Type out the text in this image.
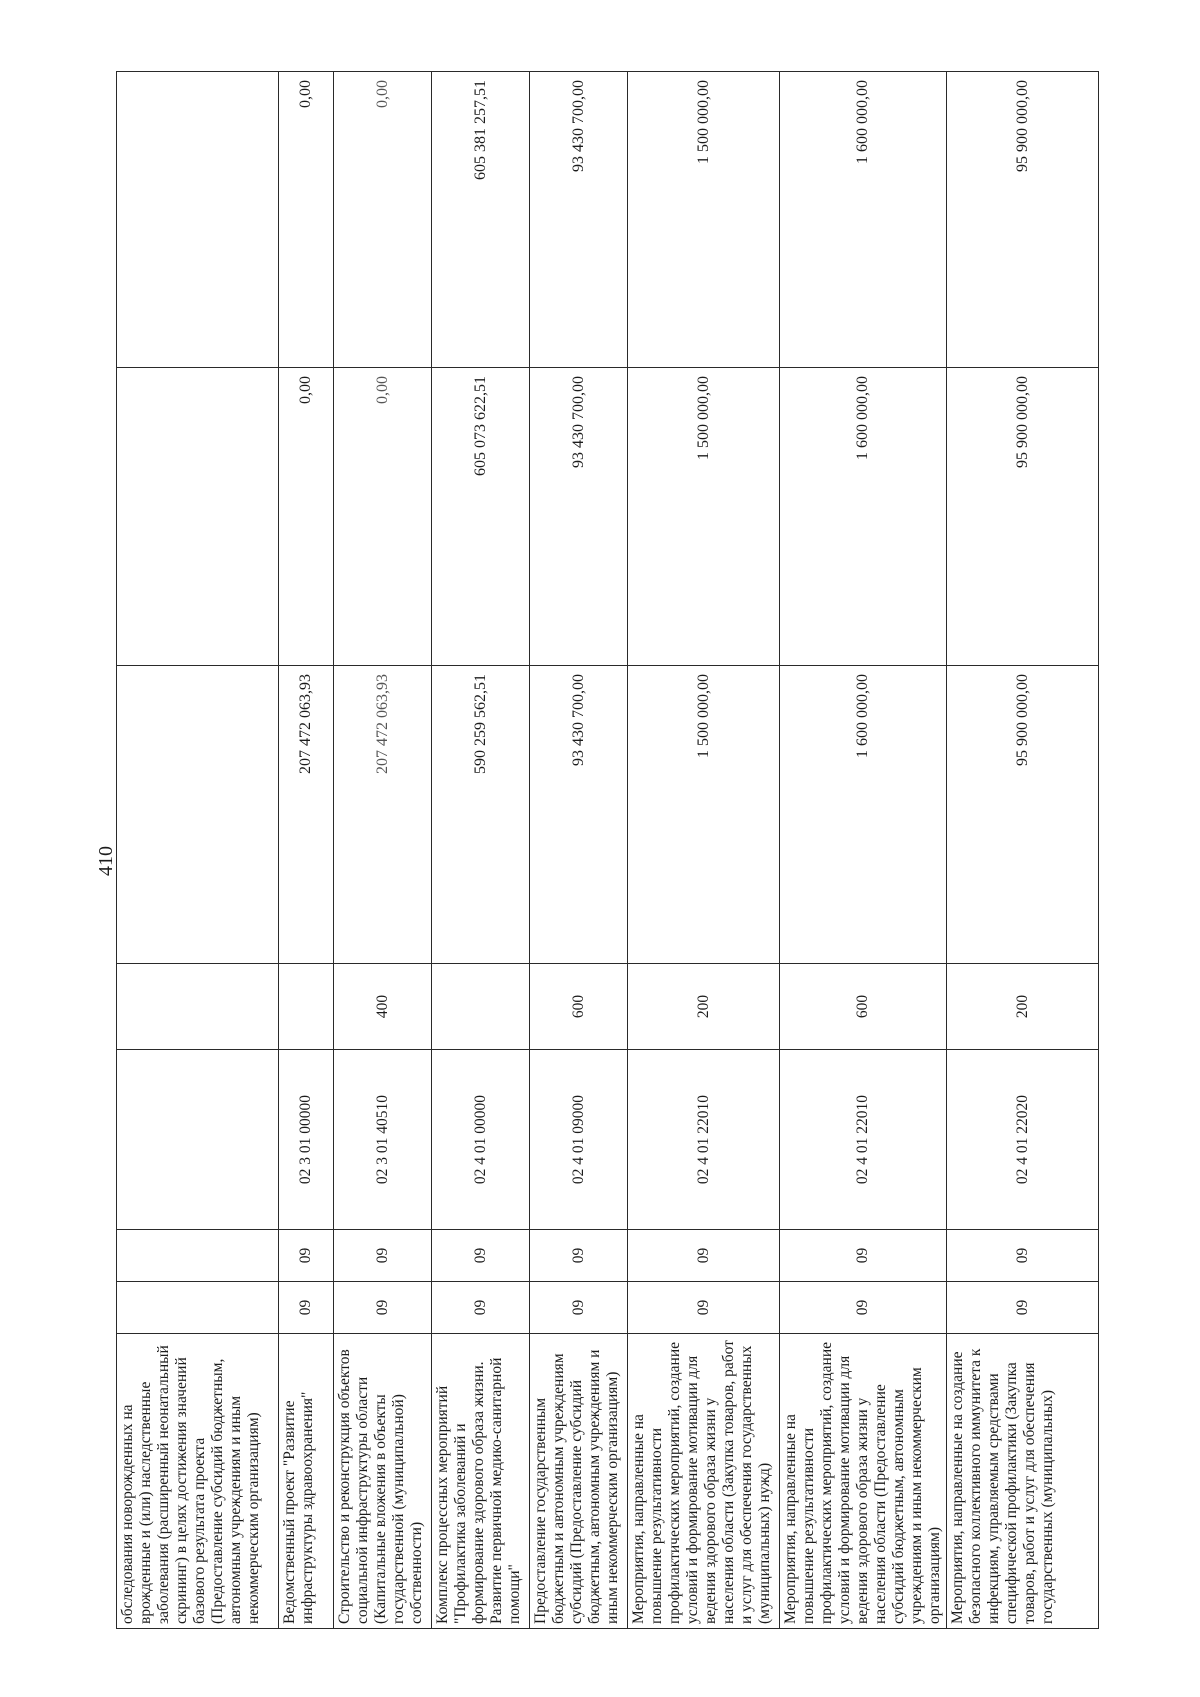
410
обследования новорожденных на врожденные и (или) наследственные заболевания (расширенный неонатальный скрининг) в целях достижения значений базового результата проекта (Предоставление субсидий бюджетным, автономным учреждениям и иным некоммерческим организациям)							
Ведомственный проект "Развитие инфраструктуры здравоохранения"	09	09	02 3 01 00000		207 472 063,93	0,00	0,00
Строительство и реконструкция объектов социальной инфраструктуры области (Капитальные вложения в объекты государственной (муниципальной) собственности)	09	09	02 3 01 40510	400	207 472 063,93	0,00	0,00
Комплекс процессных мероприятий "Профилактика заболеваний и формирование здорового образа жизни. Развитие первичной медико-санитарной помощи"	09	09	02 4 01 00000		590 259 562,51	605 073 622,51	605 381 257,51
Предоставление государственным бюджетным и автономным учреждениям субсидий (Предоставление субсидий бюджетным, автономным учреждениям и иным некоммерческим организациям)	09	09	02 4 01 09000	600	93 430 700,00	93 430 700,00	93 430 700,00
Мероприятия, направленные на повышение результативности профилактических мероприятий, создание условий и формирование мотивации для ведения здорового образа жизни у населения области (Закупка товаров, работ и услуг для обеспечения государственных (муниципальных) нужд)	09	09	02 4 01 22010	200	1 500 000,00	1 500 000,00	1 500 000,00
Мероприятия, направленные на повышение результативности профилактических мероприятий, создание условий и формирование мотивации для ведения здорового образа жизни у населения области (Предоставление субсидий бюджетным, автономным учреждениям и иным некоммерческим организациям)	09	09	02 4 01 22010	600	1 600 000,00	1 600 000,00	1 600 000,00
Мероприятия, направленные на создание безопасного коллективного иммунитета к инфекциям, управляемым средствами специфической профилактики (Закупка товаров, работ и услуг для обеспечения государственных (муниципальных)	09	09	02 4 01 22020	200	95 900 000,00	95 900 000,00	95 900 000,00
